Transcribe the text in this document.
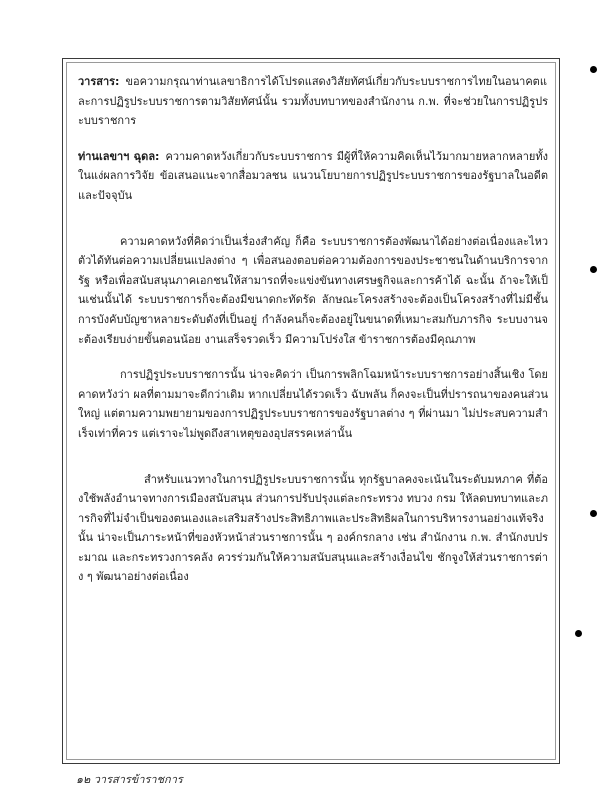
วารสาร: ขอความกรุณาท่านเลขาธิการได้โปรดแสดงวิสัยทัศน์เกี่ยวกับระบบราชการไทยในอนาคตและการปฏิรูประบบราชการตามวิสัยทัศน์นั้น รวมทั้งบทบาทของสำนักงาน ก.พ. ที่จะช่วยในการปฏิรูประบบราชการ

ท่านเลขาฯ ฉุดล: ความคาดหวังเกี่ยวกับระบบราชการ มีผู้ที่ให้ความคิดเห็นไว้มากมายหลากหลายทั้งในแง่ผลการวิจัย ข้อเสนอแนะจากสื่อมวลชน แนวนโยบายการปฏิรูประบบราชการของรัฐบาลในอดีตและปัจจุบัน

ความคาดหวังที่คิดว่าเป็นเรื่องสำคัญ ก็คือ ระบบราชการต้องพัฒนาได้อย่างต่อเนื่องและไหวตัวได้ทันต่อความเปลี่ยนแปลงต่าง ๆ เพื่อสนองตอบต่อความต้องการของประชาชนในด้านบริการจากรัฐ หรือเพื่อสนับสนุนภาคเอกชนให้สามารถที่จะแข่งขันทางเศรษฐกิจและการค้าได้ ฉะนั้น ถ้าจะให้เป็นเช่นนั้นได้ ระบบราชการก็จะต้องมีขนาดกะทัดรัด ลักษณะโครงสร้างจะต้องเป็นโครงสร้างที่ไม่มีชั้นการบังคับบัญชาหลายระดับดังที่เป็นอยู่ กำลังคนก็จะต้องอยู่ในขนาดที่เหมาะสมกับภารกิจ ระบบงานจะต้องเรียบง่ายขั้นตอนน้อย งานเสร็จรวดเร็ว มีความโปร่งใส ข้าราชการต้องมีคุณภาพ

การปฏิรูประบบราชการนั้น น่าจะคิดว่า เป็นการพลิกโฉมหน้าระบบราชการอย่างสิ้นเชิง โดยคาดหวังว่า ผลที่ตามมาจะดีกว่าเดิม หากเปลี่ยนได้รวดเร็ว ฉับพลัน ก็คงจะเป็นที่ปรารถนาของคนส่วนใหญ่ แต่ตามความพยายามของการปฏิรูประบบราชการของรัฐบาลต่าง ๆ ที่ผ่านมา ไม่ประสบความสำเร็จเท่าที่ควร แต่เราจะไม่พูดถึงสาเหตุของอุปสรรคเหล่านั้น

สำหรับแนวทางในการปฏิรูประบบราชการนั้น ทุกรัฐบาลคงจะเน้นในระดับมหภาค ที่ต้องใช้พลังอำนาจทางการเมืองสนับสนุน ส่วนการปรับปรุงแต่ละกระทรวง ทบวง กรม ให้ลดบทบาทและภารกิจที่ไม่จำเป็นของตนเองและเสริมสร้างประสิทธิภาพและประสิทธิผลในการบริหารงานอย่างแท้จริงนั้น น่าจะเป็นภาระหน้าที่ของหัวหน้าส่วนราชการนั้น ๆ องค์กรกลาง เช่น สำนักงาน ก.พ. สำนักงบประมาณ และกระทรวงการคลัง ควรร่วมกันให้ความสนับสนุนและสร้างเงื่อนไข ชักจูงให้ส่วนราชการต่าง ๆ พัฒนาอย่างต่อเนื่อง

๑๒ วารสารข้าราชการ
